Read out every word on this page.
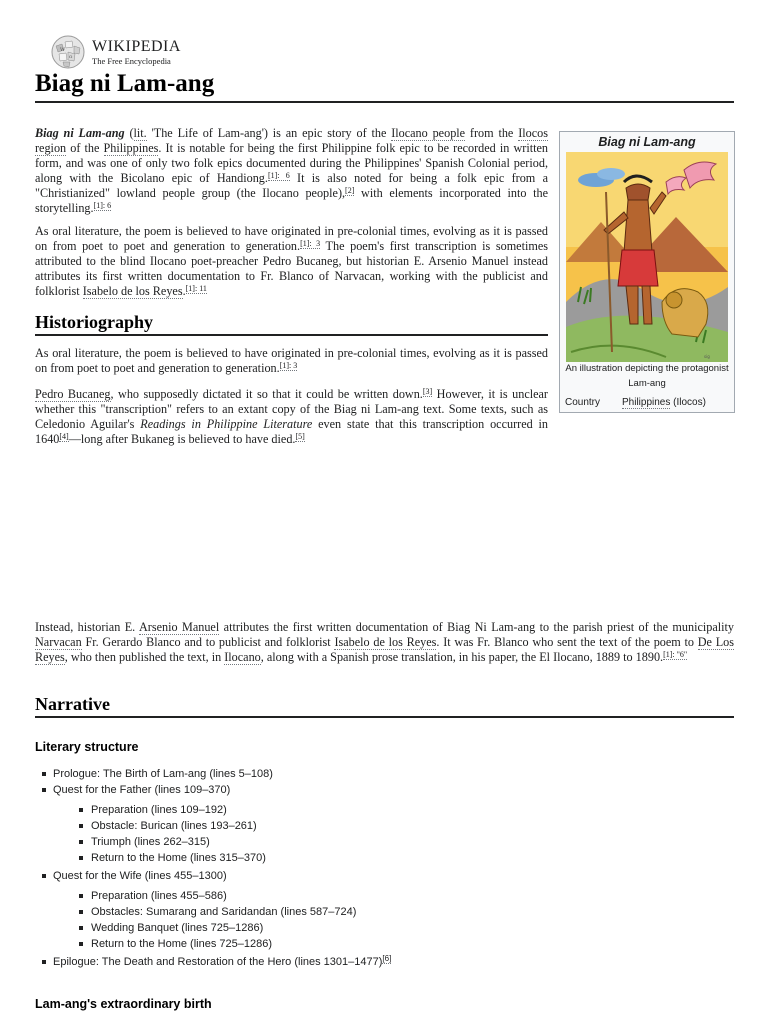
W
Ω
WIKIPEDIA
The Free Encyclopedia
Biag ni Lam-ang
Biag ni Lam-ang
sig
An illustration depicting the protagonist Lam-ang
Country	Philippines (Ilocos)

Biag ni Lam-ang (lit. 'The Life of Lam-ang') is an epic story of the Ilocano people from the Ilocos region of the Philippines. It is notable for being the first Philippine folk epic to be recorded in written form, and was one of only two folk epics documented during the Philippines' Spanish Colonial period, along with the Bicolano epic of Handiong.$^{[1]: 6}$ It is also noted for being a folk epic from a "Christianized" lowland people group (the Ilocano people),[2] with elements incorporated into the storytelling.$^{[1]: 6}$

As oral literature, the poem is believed to have originated in pre-colonial times, evolving as it is passed on from poet to poet and generation to generation.$^{[1]: 3}$ The poem's first transcription is sometimes attributed to the blind Ilocano poet-preacher Pedro Bucaneg, but historian E. Arsenio Manuel instead attributes its first written documentation to Fr. Blanco of Narvacan, working with the publicist and folklorist Isabelo de los Reyes.$^{[1]: 11}$

Historiography

As oral literature, the poem is believed to have originated in pre-colonial times, evolving as it is passed on from poet to poet and generation to generation.$^{[1]: 3}$

Pedro Bucaneg, who supposedly dictated it so that it could be written down.[3] However, it is unclear whether this "transcription" refers to an extant copy of the Biag ni Lam-ang text. Some texts, such as Celedonio Aguilar's Readings in Philippine Literature even state that this transcription occurred in 1640[4]—long after Bukaneg is believed to have died.[5]

Instead, historian E. Arsenio Manuel attributes the first written documentation of Biag Ni Lam-ang to the parish priest of the municipality Narvacan Fr. Gerardo Blanco and to publicist and folklorist Isabelo de los Reyes. It was Fr. Blanco who sent the text of the poem to De Los Reyes, who then published the text, in Ilocano, along with a Spanish prose translation, in his paper, the El Ilocano, 1889 to 1890.$^{[1]: "6"}$

Narrative
Literary structure
Prologue: The Birth of Lam-ang (lines 5–108)
Quest for the Father (lines 109–370)
Preparation (lines 109–192)
Obstacle: Burican (lines 193–261)
Triumph (lines 262–315)
Return to the Home (lines 315–370)
Quest for the Wife (lines 455–1300)
Preparation (lines 455–586)
Obstacles: Sumarang and Saridandan (lines 587–724)
Wedding Banquet (lines 725–1286)
Return to the Home (lines 725–1286)
Epilogue: The Death and Restoration of the Hero (lines 1301–1477)[6]
Lam-ang's extraordinary birth
